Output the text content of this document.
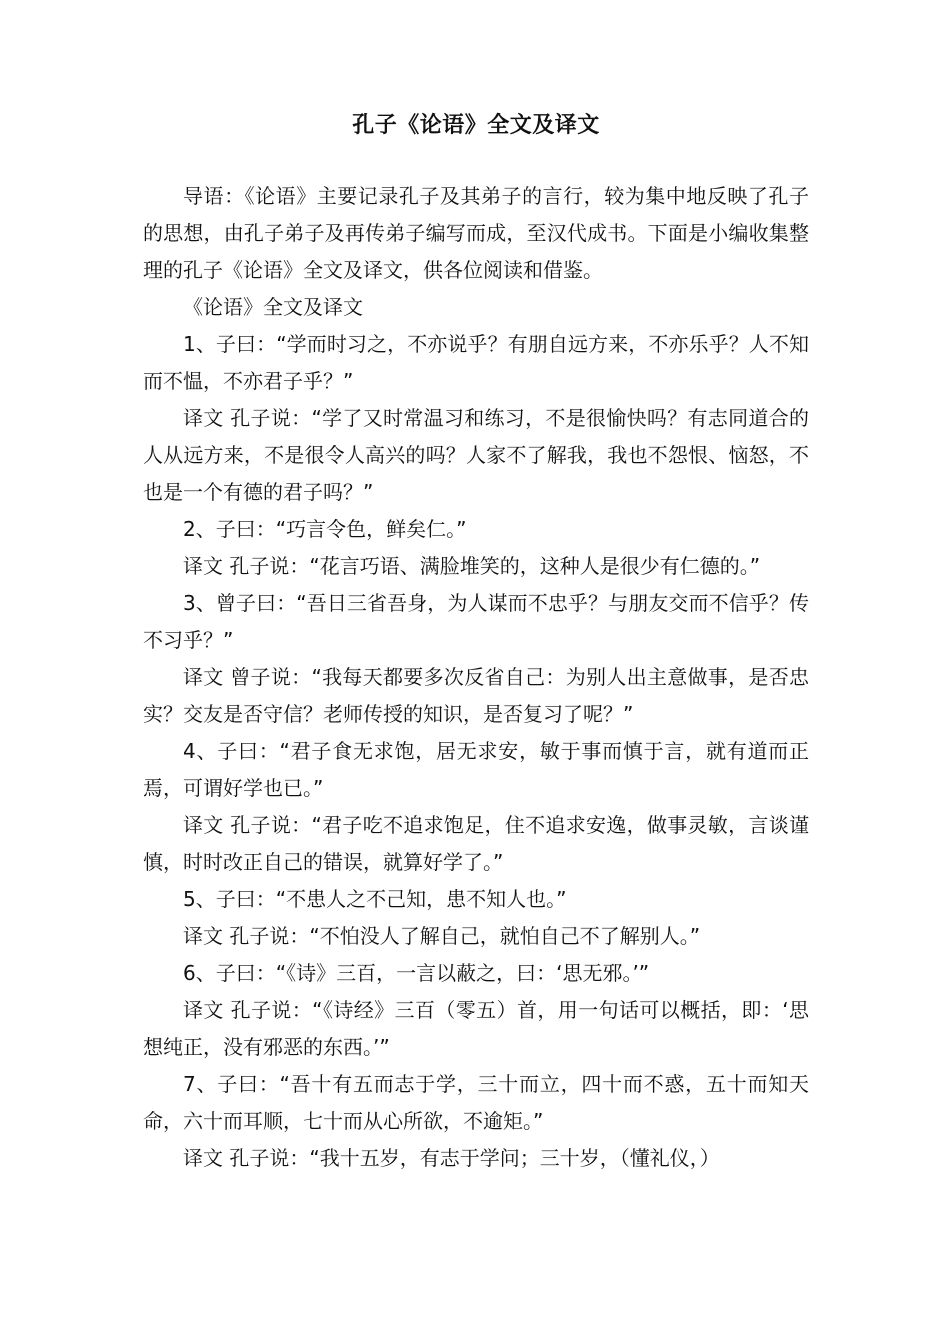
孔子《论语》全文及译文

导语：《论语》主要记录孔子及其弟子的言行，较为集中地反映了孔子的思想，由孔子弟子及再传弟子编写而成，至汉代成书。下面是小编收集整理的孔子《论语》全文及译文，供各位阅读和借鉴。

《论语》全文及译文

1、子曰：“学而时习之，不亦说乎？有朋自远方来，不亦乐乎？人不知而不愠，不亦君子乎？”

译文 孔子说：“学了又时常温习和练习，不是很愉快吗？有志同道合的人从远方来，不是很令人高兴的吗？人家不了解我，我也不怨恨、恼怒，不也是一个有德的君子吗？”

2、子曰：“巧言令色，鲜矣仁。”

译文 孔子说：“花言巧语、满脸堆笑的，这种人是很少有仁德的。”

3、曾子曰：“吾日三省吾身，为人谋而不忠乎？与朋友交而不信乎？传不习乎？”

译文 曾子说：“我每天都要多次反省自己：为别人出主意做事，是否忠实？交友是否守信？老师传授的知识，是否复习了呢？”

4、子曰：“君子食无求饱，居无求安，敏于事而慎于言，就有道而正焉，可谓好学也已。”

译文 孔子说：“君子吃不追求饱足，住不追求安逸，做事灵敏，言谈谨慎，时时改正自己的错误，就算好学了。”

5、子曰：“不患人之不己知，患不知人也。”

译文 孔子说：“不怕没人了解自己，就怕自己不了解别人。”

6、子曰：“《诗》三百，一言以蔽之，曰：‘思无邪。’”

译文 孔子说：“《诗经》三百（零五）首，用一句话可以概括，即：‘思想纯正，没有邪恶的东西。’”

7、子曰：“吾十有五而志于学，三十而立，四十而不惑，五十而知天命，六十而耳顺，七十而从心所欲，不逾矩。”

译文 孔子说：“我十五岁，有志于学问；三十岁，（懂礼仪，）
